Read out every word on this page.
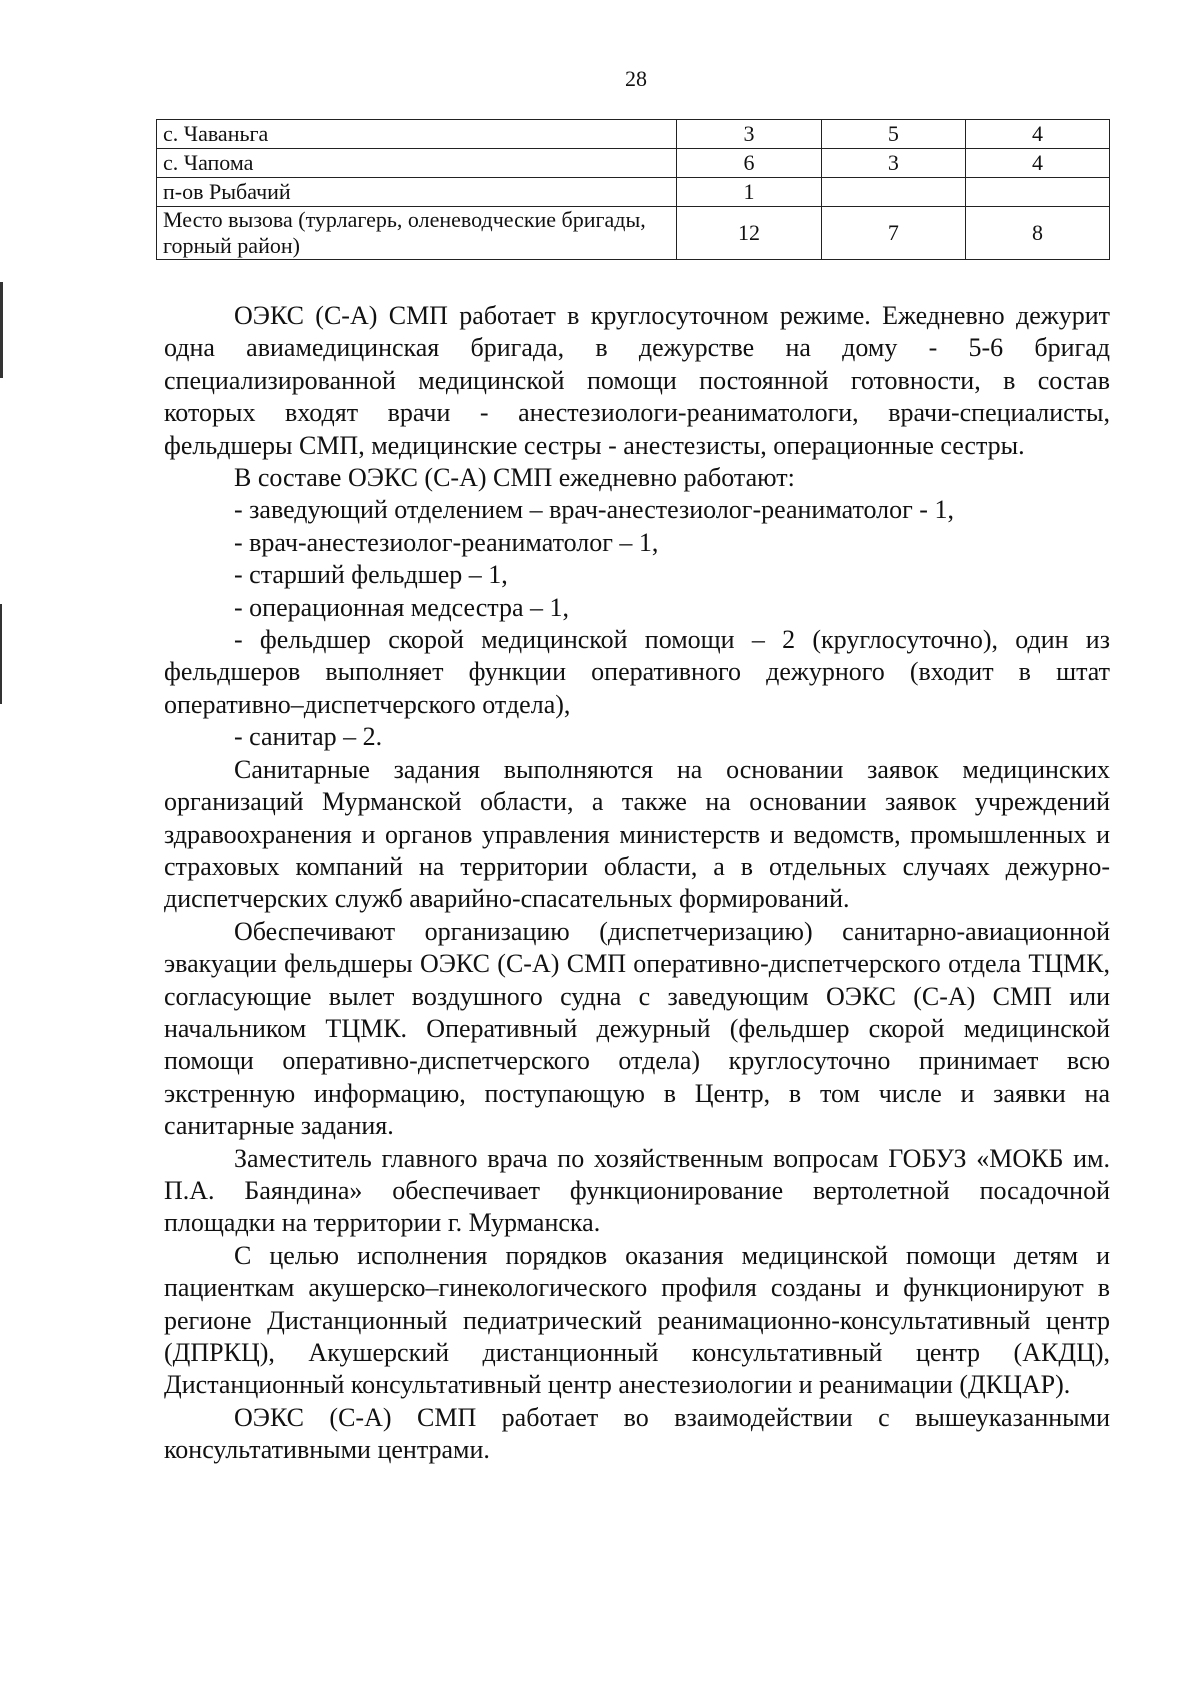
28
с. Чаваньга	3	5	4
с. Чапома	6	3	4
п-ов Рыбачий	1		
Место вызова (турлагерь, оленеводческие бригады, горный район)	12	7	8

ОЭКС (С-А) СМП работает в круглосуточном режиме. Ежедневно дежурит одна авиамедицинская бригада, в дежурстве на дому - 5-6 бригад специализированной медицинской помощи постоянной готовности, в состав которых входят врачи - анестезиологи-реаниматологи, врачи-специалисты, фельдшеры СМП, медицинские сестры - анестезисты, операционные сестры.

В составе ОЭКС (С-А) СМП ежедневно работают:

- заведующий отделением – врач-анестезиолог-реаниматолог - 1,

- врач-анестезиолог-реаниматолог – 1,

- старший фельдшер – 1,

- операционная медсестра – 1,

- фельдшер скорой медицинской помощи – 2 (круглосуточно), один из фельдшеров выполняет функции оперативного дежурного (входит в штат оперативно–диспетчерского отдела),

- санитар – 2.

Санитарные задания выполняются на основании заявок медицинских организаций Мурманской области, а также на основании заявок учреждений здравоохранения и органов управления министерств и ведомств, промышленных и страховых компаний на территории области, а в отдельных случаях дежурно-диспетчерских служб аварийно-спасательных формирований.

Обеспечивают организацию (диспетчеризацию) санитарно-авиационной эвакуации фельдшеры ОЭКС (С-А) СМП оперативно-диспетчерского отдела ТЦМК, согласующие вылет воздушного судна с заведующим ОЭКС (С-А) СМП или начальником ТЦМК. Оперативный дежурный (фельдшер скорой медицинской помощи оперативно-диспетчерского отдела) круглосуточно принимает всю экстренную информацию, поступающую в Центр, в том числе и заявки на санитарные задания.

Заместитель главного врача по хозяйственным вопросам ГОБУЗ «МОКБ им. П.А. Баяндина» обеспечивает функционирование вертолетной посадочной площадки на территории г. Мурманска.

С целью исполнения порядков оказания медицинской помощи детям и пациенткам акушерско–гинекологического профиля созданы и функционируют в регионе Дистанционный педиатрический реанимационно-консультативный центр (ДПРКЦ), Акушерский дистанционный консультативный центр (АКДЦ), Дистанционный консультативный центр анестезиологии и реанимации (ДКЦАР).

ОЭКС (С-А) СМП работает во взаимодействии с вышеуказанными консультативными центрами.
